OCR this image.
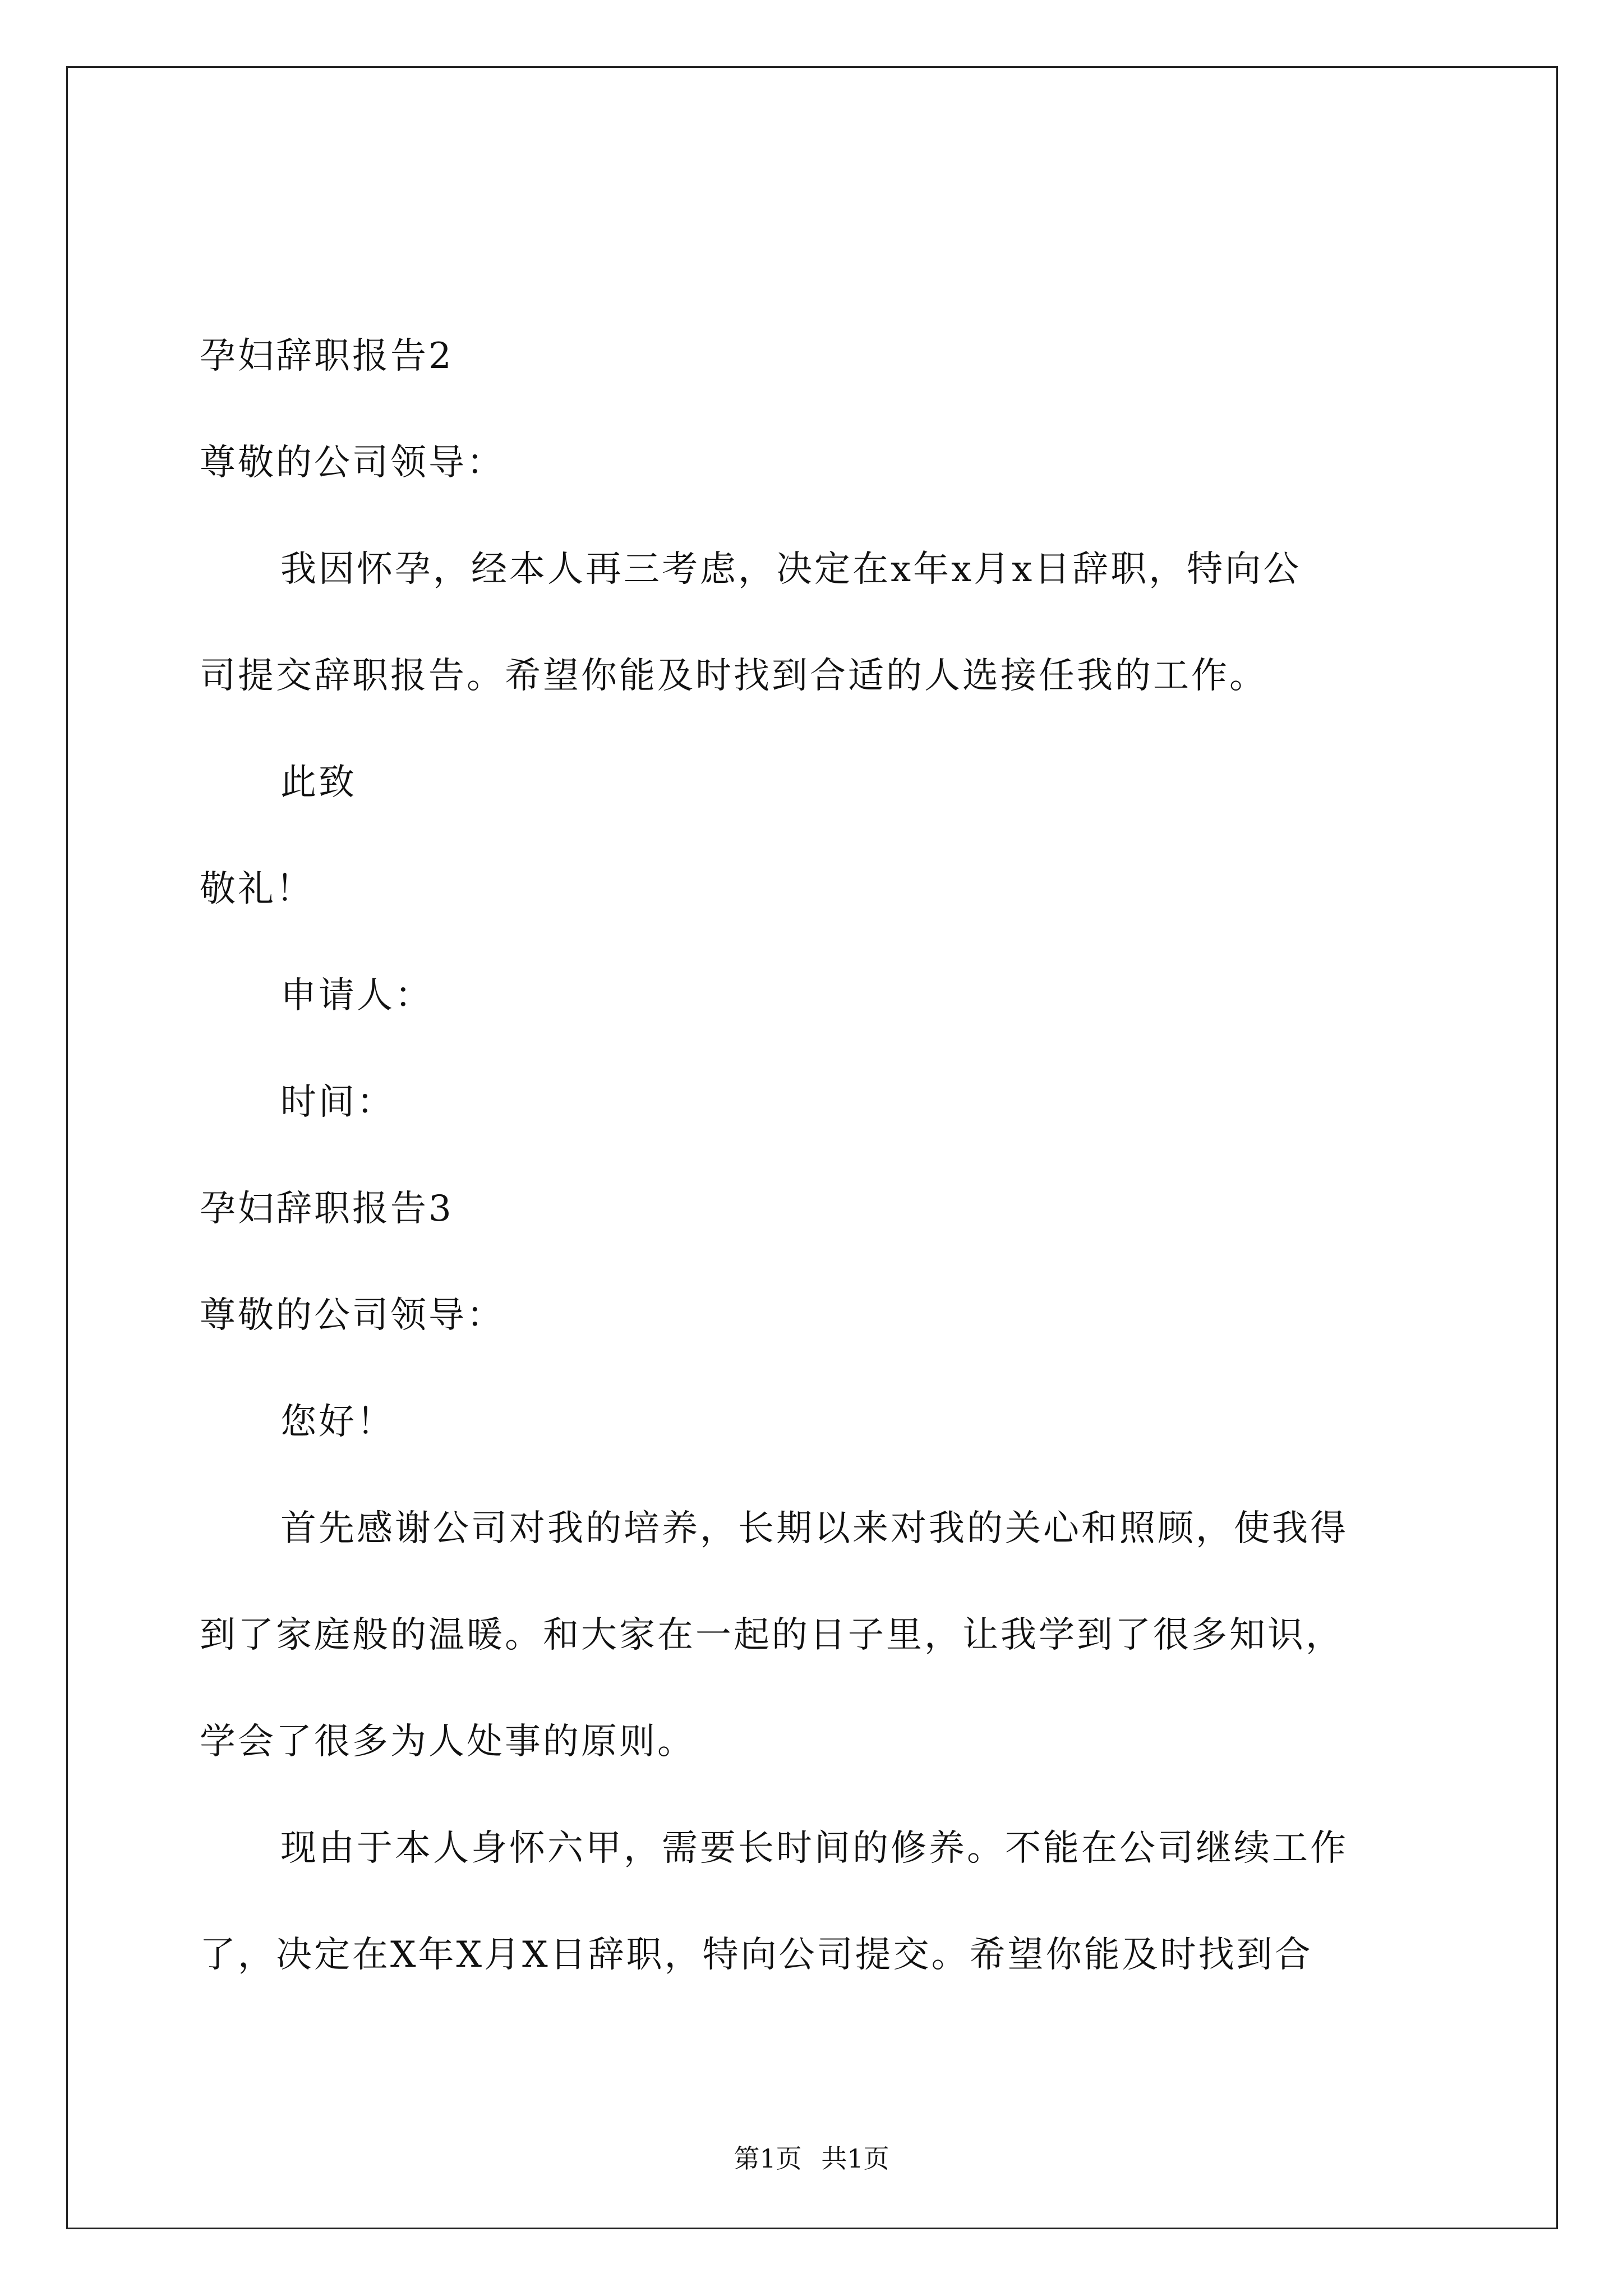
孕妇辞职报告2
尊敬的公司领导：
我因怀孕，经本人再三考虑，决定在x年x月x日辞职，特向公
司提交辞职报告。希望你能及时找到合适的人选接任我的工作。
此致
敬礼！
申请人：
时间：
孕妇辞职报告3
尊敬的公司领导：
您好！
首先感谢公司对我的培养，长期以来对我的关心和照顾，使我得
到了家庭般的温暖。和大家在一起的日子里，让我学到了很多知识，
学会了很多为人处事的原则。
现由于本人身怀六甲，需要长时间的修养。不能在公司继续工作
了，决定在X年X月X日辞职，特向公司提交。希望你能及时找到合
第1页 共1页
